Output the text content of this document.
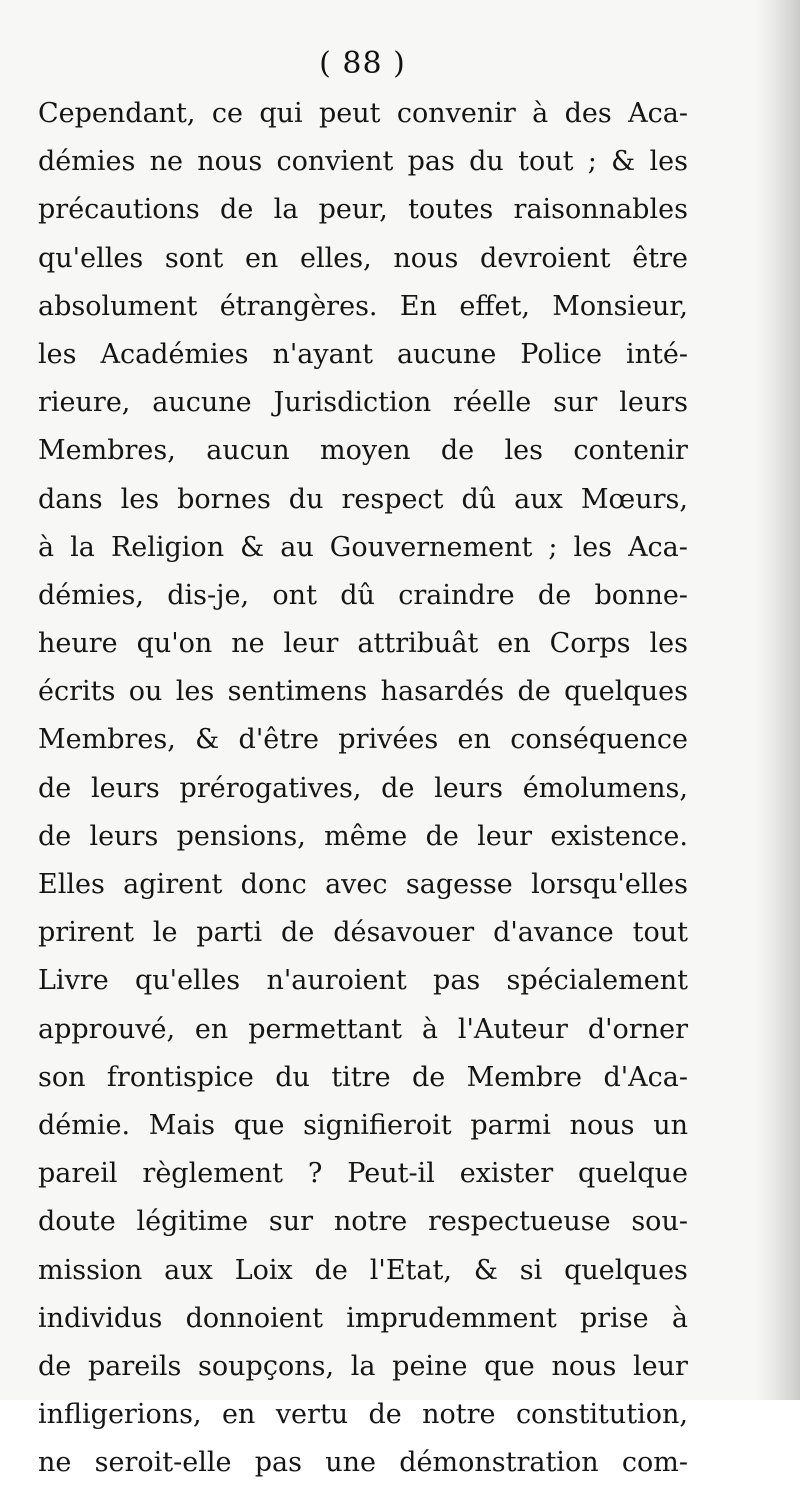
( 88 )
Cependant, ce qui peut convenir à des Aca-
démies ne nous convient pas du tout ; & les
précautions de la peur, toutes raisonnables
qu'elles sont en elles, nous devroient être
absolument étrangères. En effet, Monsieur,
les Académies n'ayant aucune Police inté-
rieure, aucune Jurisdiction réelle sur leurs
Membres, aucun moyen de les contenir
dans les bornes du respect dû aux Mœurs,
à la Religion & au Gouvernement ; les Aca-
démies, dis-je, ont dû craindre de bonne-
heure qu'on ne leur attribuât en Corps les
écrits ou les sentimens hasardés de quelques
Membres, & d'être privées en conséquence
de leurs prérogatives, de leurs émolumens,
de leurs pensions, même de leur existence.
Elles agirent donc avec sagesse lorsqu'elles
prirent le parti de désavouer d'avance tout
Livre qu'elles n'auroient pas spécialement
approuvé, en permettant à l'Auteur d'orner
son frontispice du titre de Membre d'Aca-
démie. Mais que signifieroit parmi nous un
pareil règlement ? Peut-il exister quelque
doute légitime sur notre respectueuse sou-
mission aux Loix de l'Etat, & si quelques
individus donnoient imprudemment prise à
de pareils soupçons, la peine que nous leur
infligerions, en vertu de notre constitution,
ne seroit-elle pas une démonstration com-
